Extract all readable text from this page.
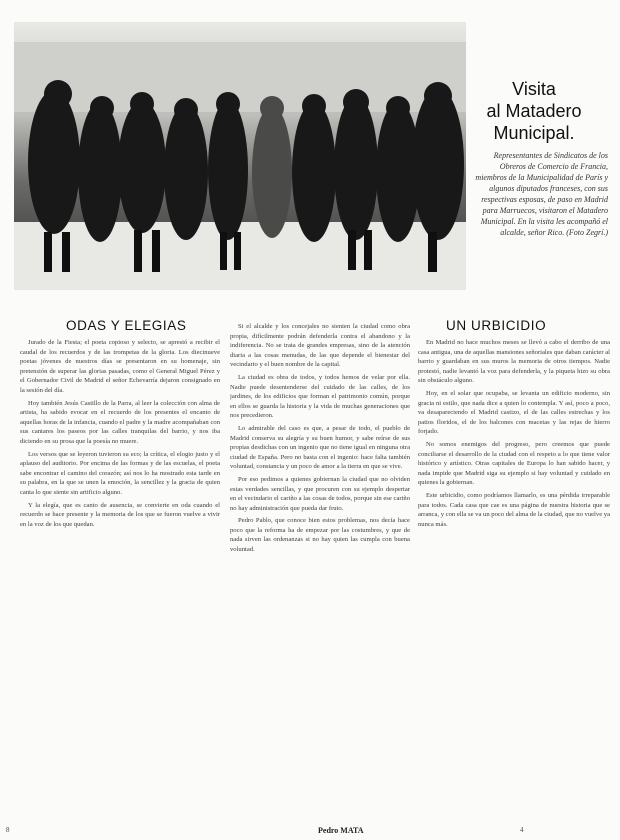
Visita
al Matadero
Municipal.
Representantes de Sindicatos de los Obreros de Comercio de Francia, miembros de la Municipalidad de París y algunos diputados franceses, con sus respectivas esposas, de paso en Madrid para Marruecos, visitaron el Matadero Municipal. En la visita les acompañó el alcalde, señor Rico. (Foto Zegrí.)
ODAS Y ELEGIAS

Jurado de la Fiesta; el poeta copioso y selecto, se aprestó a recibir el caudal de los recuerdos y de las trompetas de la gloria. Los diecinueve poetas jóvenes de nuestros días se presentaron en su homenaje, sin pretensión de superar las glorias pasadas, como el General Miguel Pérez y el Gobernador Civil de Madrid el señor Echevarría dejaron consignado en la sesión del día.

Hoy también Jesús Castillo de la Parra, al leer la colección con alma de artista, ha sabido evocar en el recuerdo de los presentes el encanto de aquellas horas de la infancia, cuando el padre y la madre acompañaban con sus cantares los paseos por las calles tranquilas del barrio, y nos iba diciendo en su prosa que la poesía no muere.

Los versos que se leyeron tuvieron su eco; la crítica, el elogio justo y el aplauso del auditorio. Por encima de las formas y de las escuelas, el poeta sabe encontrar el camino del corazón; así nos lo ha mostrado esta tarde en su palabra, en la que se unen la emoción, la sencillez y la gracia de quien canta lo que siente sin artificio alguno.

Y la elegía, que es canto de ausencia, se convierte en oda cuando el recuerdo se hace presente y la memoria de los que se fueron vuelve a vivir en la voz de los que quedan.

Si el alcalde y los concejales no sienten la ciudad como obra propia, difícilmente podrán defenderla contra el abandono y la indiferencia. No se trata de grandes empresas, sino de la atención diaria a las cosas menudas, de las que depende el bienestar del vecindario y el buen nombre de la capital.

La ciudad es obra de todos, y todos hemos de velar por ella. Nadie puede desentenderse del cuidado de las calles, de los jardines, de los edificios que forman el patrimonio común, porque en ellos se guarda la historia y la vida de muchas generaciones que nos precedieron.

Lo admirable del caso es que, a pesar de todo, el pueblo de Madrid conserva su alegría y su buen humor, y sabe reírse de sus propias desdichas con un ingenio que no tiene igual en ninguna otra ciudad de España. Pero no basta con el ingenio: hace falta también voluntad, constancia y un poco de amor a la tierra en que se vive.

Por eso pedimos a quienes gobiernan la ciudad que no olviden estas verdades sencillas, y que procuren con su ejemplo despertar en el vecindario el cariño a las cosas de todos, porque sin ese cariño no hay administración que pueda dar fruto.

Pedro Pablo, que conoce bien estos problemas, nos decía hace poco que la reforma ha de empezar por las costumbres, y que de nada sirven las ordenanzas si no hay quien las cumpla con buena voluntad.

Pedro MATA
UN URBICIDIO

En Madrid no hace muchos meses se llevó a cabo el derribo de una casa antigua, una de aquellas mansiones señoriales que daban carácter al barrio y guardaban en sus muros la memoria de otros tiempos. Nadie protestó, nadie levantó la voz para defenderla, y la piqueta hizo su obra sin obstáculo alguno.

Hoy, en el solar que ocupaba, se levanta un edificio moderno, sin gracia ni estilo, que nada dice a quien lo contempla. Y así, poco a poco, va desapareciendo el Madrid castizo, el de las calles estrechas y los patios floridos, el de los balcones con macetas y las rejas de hierro forjado.

No somos enemigos del progreso, pero creemos que puede conciliarse el desarrollo de la ciudad con el respeto a lo que tiene valor histórico y artístico. Otras capitales de Europa lo han sabido hacer, y nada impide que Madrid siga su ejemplo si hay voluntad y cuidado en quienes la gobiernan.

Este urbicidio, como podríamos llamarlo, es una pérdida irreparable para todos. Cada casa que cae es una página de nuestra historia que se arranca, y con ella se va un poco del alma de la ciudad, que no vuelve ya nunca más.

8	4
